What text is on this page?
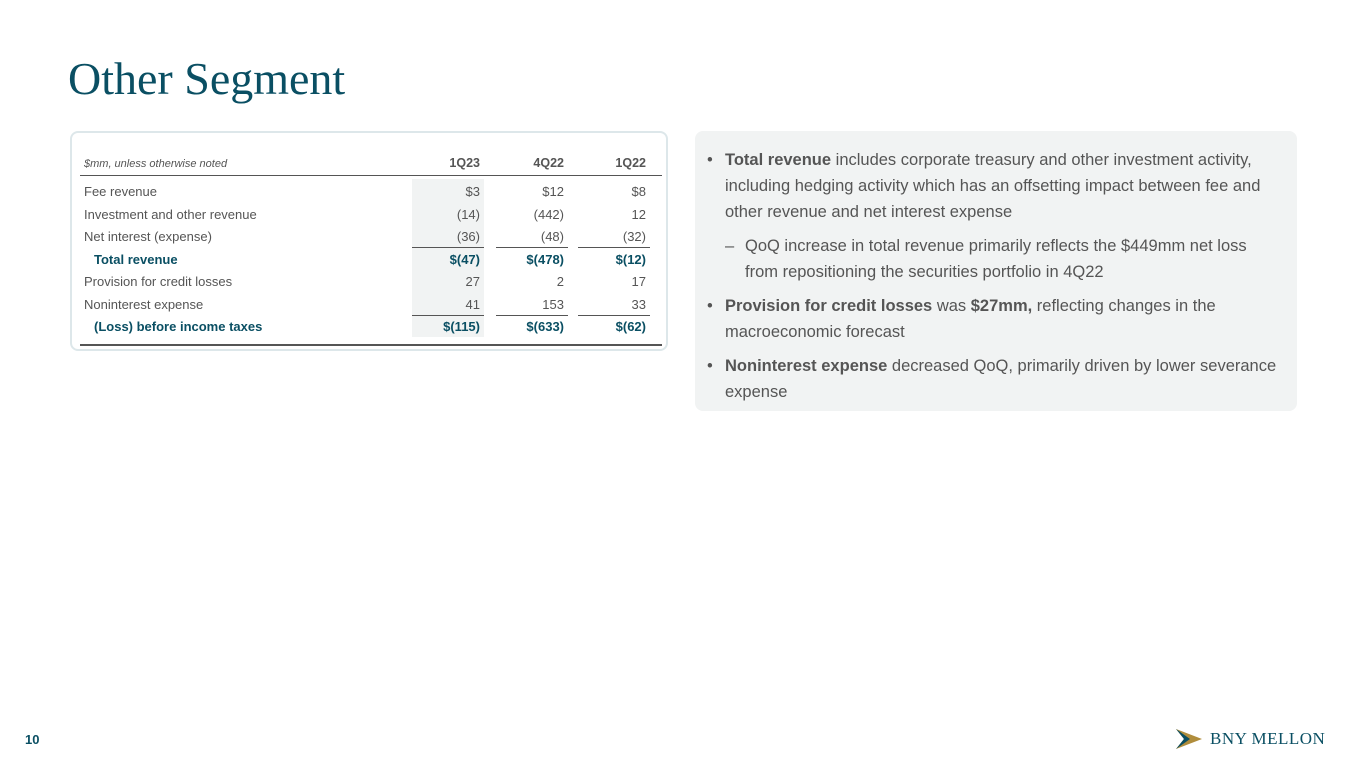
Other Segment
$mm, unless otherwise noted	1Q23	4Q22	1Q22
Fee revenue	$3	$12	$8
Investment and other revenue	(14)	(442)	12
Net interest (expense)	(36)	(48)	(32)
Total revenue	$(47)	$(478)	$(12)
Provision for credit losses	27	2	17
Noninterest expense	41	153	33
(Loss) before income taxes	$(115)	$(633)	$(62)
• Total revenue includes corporate treasury and other investment activity, including hedging activity which has an offsetting impact between fee and other revenue and net interest expense
– QoQ increase in total revenue primarily reflects the $449mm net loss from repositioning the securities portfolio in 4Q22
• Provision for credit losses was $27mm, reflecting changes in the macroeconomic forecast
• Noninterest expense decreased QoQ, primarily driven by lower severance expense
10	BNY MELLON
